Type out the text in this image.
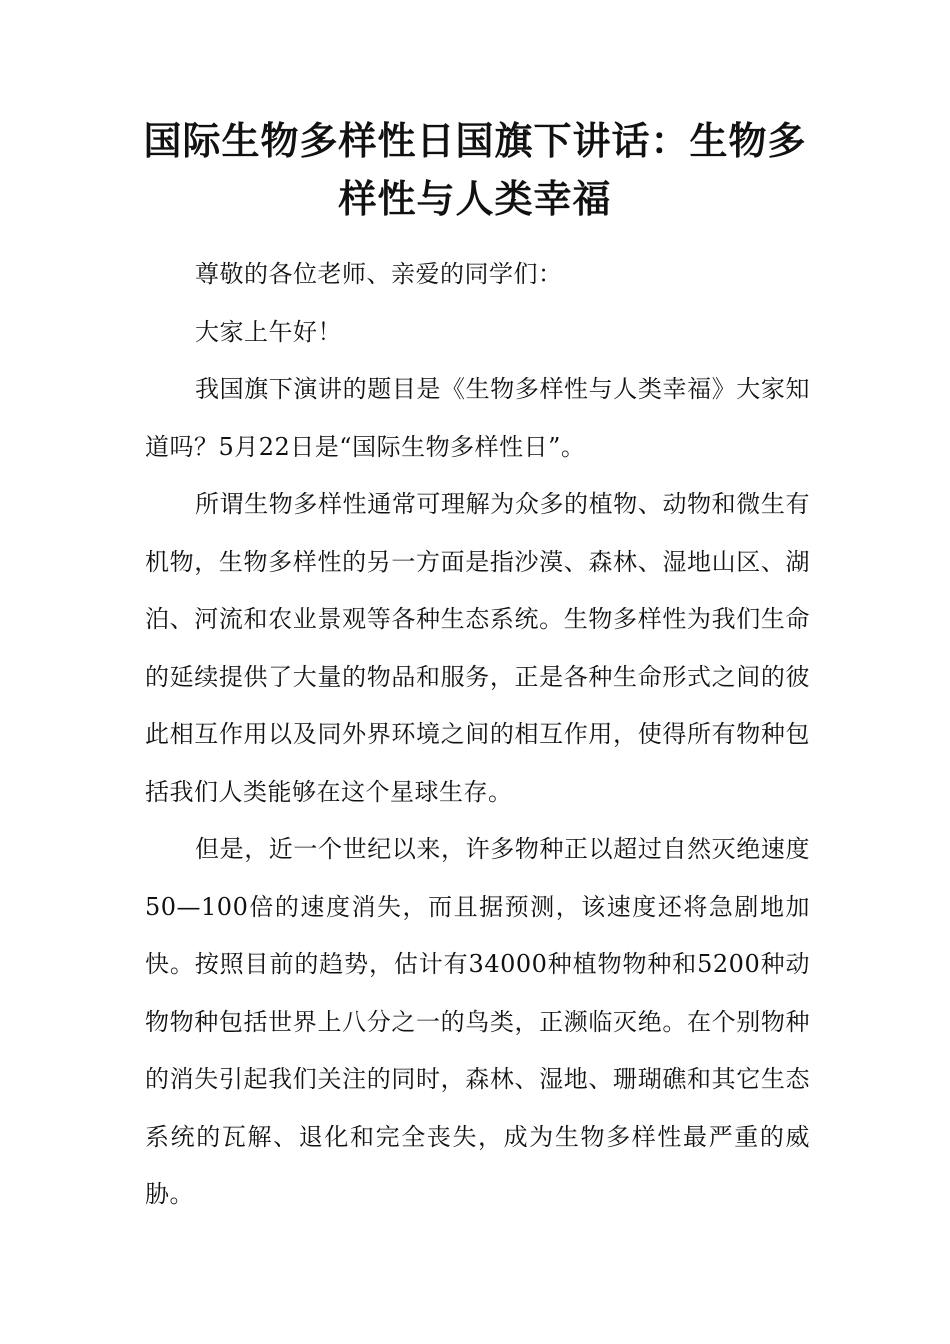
国际生物多样性日国旗下讲话：生物多样性与人类幸福

尊敬的各位老师、亲爱的同学们：

大家上午好！

我国旗下演讲的题目是《生物多样性与人类幸福》大家知道吗？5月22日是“国际生物多样性日”。

所谓生物多样性通常可理解为众多的植物、动物和微生有机物，生物多样性的另一方面是指沙漠、森林、湿地山区、湖泊、河流和农业景观等各种生态系统。生物多样性为我们生命的延续提供了大量的物品和服务，正是各种生命形式之间的彼此相互作用以及同外界环境之间的相互作用，使得所有物种包括我们人类能够在这个星球生存。

但是，近一个世纪以来，许多物种正以超过自然灭绝速度50—100倍的速度消失，而且据预测，该速度还将急剧地加快。按照目前的趋势，估计有34000种植物物种和5200种动物物种包括世界上八分之一的鸟类，正濒临灭绝。在个别物种的消失引起我们关注的同时，森林、湿地、珊瑚礁和其它生态系统的瓦解、退化和完全丧失，成为生物多样性最严重的威胁。
